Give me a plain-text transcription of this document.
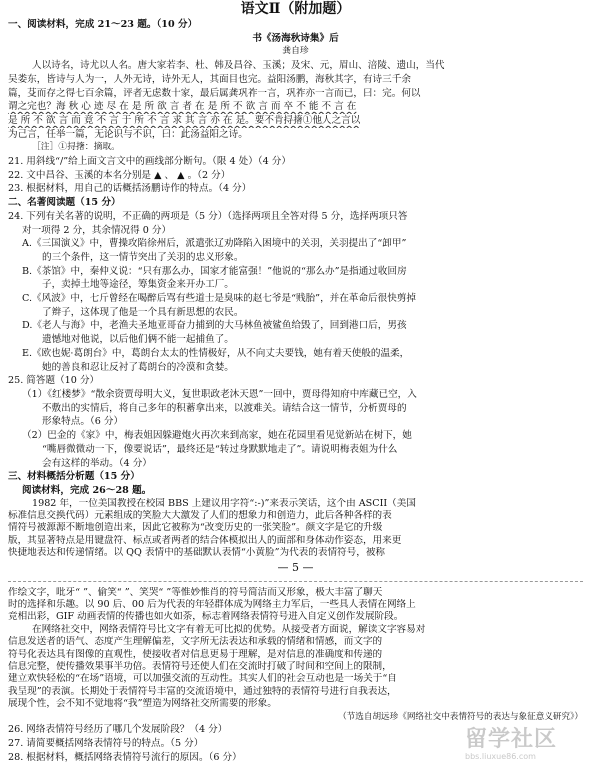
语文Ⅱ（附加题）
一、阅读材料，完成 21～23 题。（10 分）
书《汤海秋诗集》后
龚自珍
人以诗名，诗尤以人名。唐大家若李、杜、韩及昌谷、玉溪；及宋、元，眉山、涪陵、遗山，当代
吴娄东，皆诗与人为一，人外无诗，诗外无人，其面目也完。益阳汤鹏，海秋其字，有诗三千余
篇，芟而存之得七百余篇，评者无虑数十家，最后属龚巩祚一言，巩祚亦一言而已，曰：完。何以
谓之完也？海 秋 心 迹 尽 在 是 所 欲 言 者 在 是 所 不 欲 言 而 卒 不 能 不 言 在
是 所 不 欲 言 而 竟 不 言 于 所 不 言 求 其 言 亦 在 是。要不肯挦撦①他人之言以
为己言，任举一篇，无论识与不识，曰：此汤益阳之诗。
［注］①挦撦：摘取。
21. 用斜线“/”给上面文言文中的画线部分断句。（限 4 处）（4 分）
22. 文中昌谷、玉溪的本名分别是 ▲ 、 ▲ 。（2 分）
23. 根据材料，用自己的话概括汤鹏诗作的特点。（4 分）
二、名著阅读题（15 分）
24. 下列有关名著的说明，不正确的两项是（5 分）（选择两项且全答对得 5 分，选择两项只答
对一项得 2 分，其余情况得 0 分）
A.《三国演义》中，曹操攻陷徐州后，派遣张辽劝降陷入困境中的关羽，关羽提出了“卸甲”
的三个条件，这一情节突出了关羽的忠义形象。
B.《茶馆》中，秦仲义说：“只有那么办，国家才能富强！”他说的“那么办”是指通过收回房
子，卖掉土地等途径，筹集资金来开办工厂。
C.《风波》中，七斤曾经在喝醉后骂有些道士是臭味的赵七爷是“贱胎”，并在革命后很快剪掉
了辫子，这体现了他是一个具有新思想的农民。
D.《老人与海》中，老渔夫圣地亚哥奋力捕到的大马林鱼被鲨鱼给毁了，回到港口后，男孩
遗憾地对他说，以后他们俩不能一起捕鱼了。
E.《欧也妮·葛朗台》中，葛朗台太太的性情极好，从不向丈夫要钱，她有着天使般的温柔，
她的善良和忍让反衬了葛朗台的冷漠和贪婪。
25. 简答题（10 分）
（1）《红楼梦》“散余资贾母明大义，复世职政老沐天恩”一回中，贾母得知府中库藏已空，入
不敷出的实情后，将自己多年的积蓄拿出来，以渡难关。请结合这一情节，分析贾母的
形象特点。（6 分）
（2）巴金的《家》中，梅表姐因躲避炮火再次来到高家，她在花园里看见觉新站在树下，她
“嘴唇微微动一下，像要说话”，最终还是“转过身默默地走了”。请说明梅表姐为什么
会有这样的举动。（4 分）
三、材料概括分析题（15 分）
阅读材料，完成 26～28 题。
1982 年，一位美国教授在校园 BBS 上建议用字符“:-)”来表示笑话，这个由 ASCII（美国
标准信息交换代码）元素组成的笑脸大大激发了人们的想象力和创造力，此后各种各样的表
情符号被源源不断地创造出来，因此它被称为“改变历史的一张笑脸”。颜文字是它的升级
版，其显著特点是用键盘符、标点或者两者的结合体模拟出人的面部和身体动作姿态，用来更
快捷地表达和传递情绪。以 QQ 表情中的基础默认表情“小黄脸”为代表的表情符号，被称
— 5 —
作绘文字，吡牙“ ”、偷笑“ ”、笑哭“ ”等惟妙惟肖的符号简洁而又形象，极大丰富了聊天
时的选择和乐趣。以 90 后、00 后为代表的年轻群体成为网络主力军后，一些具人表情在网络上
竞相出彩，GIF 动画表情的传播也如火如荼，标志着网络表情符号进入自定义创作发展阶段。
在网络社交中，网络表情符号比文字有着无可比拟的优势。从接受者方面说，解读文字容易对
信息发送者的语气、态度产生理解偏差，文字所无法表达和承载的情绪和情感，而文字的
符号化表达具有图像的直观性，使接收者对信息更易于理解，是对信息的准确度和传递的
信息完整，使传播效果事半功倍。表情符号还使人们在交流时打破了时间和空间上的限制，
建立欢快轻松的“在场”语境，可以加强交流的互动性。其实人们的社会互动也是一场关于“自
我呈现”的表演。长期处于表情符号丰富的交流语境中，通过独特的表情符号进行自我表达，
展现个性，会不知不觉地将“我”塑造为网络社交所需要的形象。
（节选自胡远珍《网络社交中表情符号的表达与象征意义研究》）
26. 网络表情符号经历了哪几个发展阶段？（4 分）
27. 请简要概括网络表情符号的特点。（5 分）
28. 根据材料，概括网络表情符号流行的原因。（6 分）
留学社区
bbs.liuxue86.com
